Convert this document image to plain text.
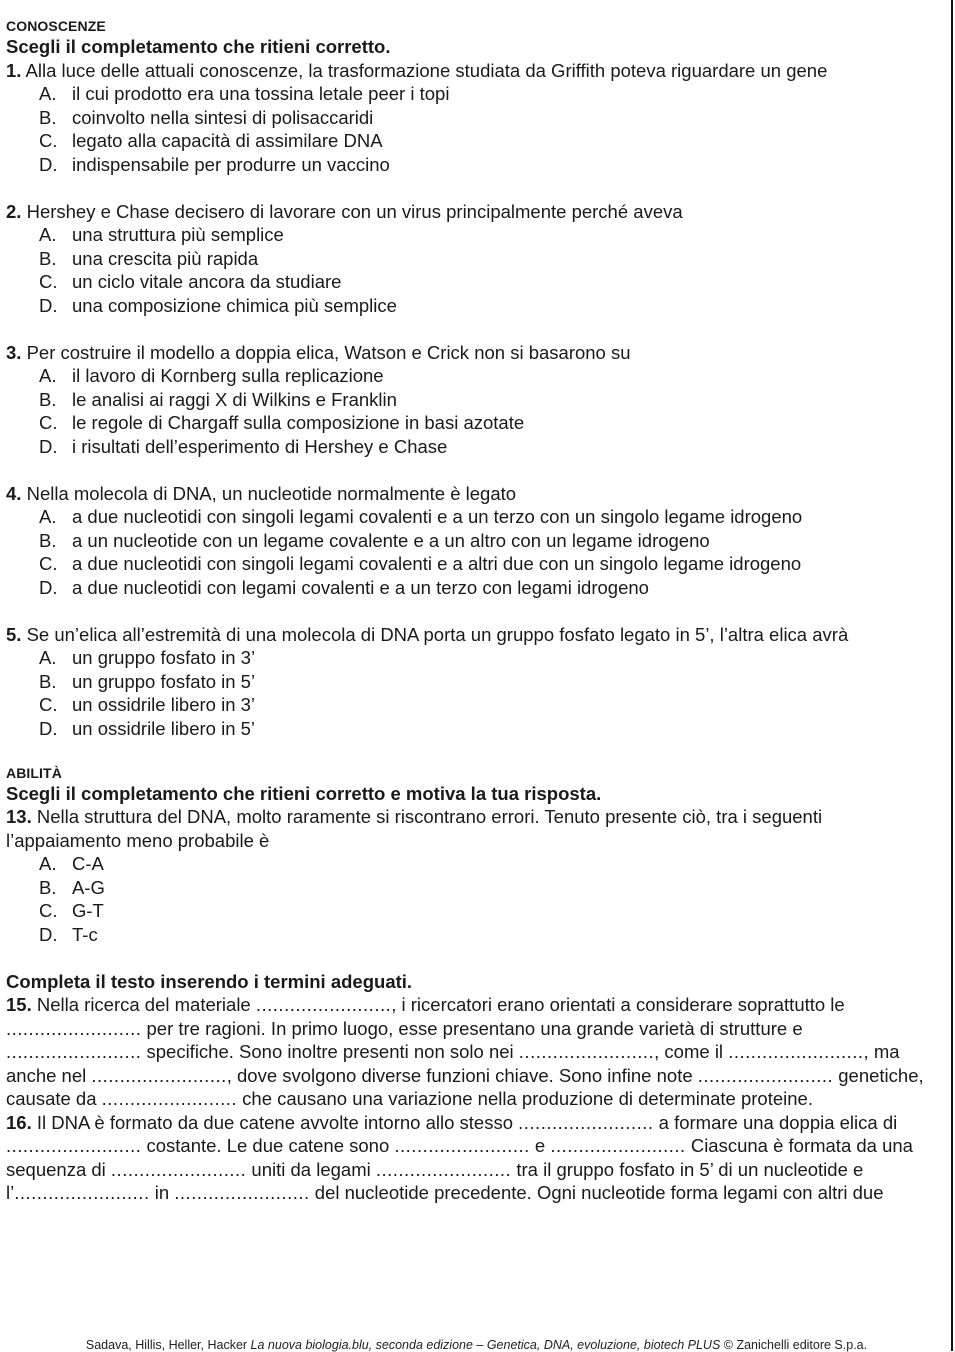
CONOSCENZE

Scegli il completamento che ritieni corretto.

1. Alla luce delle attuali conoscenze, la trasformazione studiata da Griffith poteva riguardare un gene

A. il cui prodotto era una tossina letale peer i topi
B. coinvolto nella sintesi di polisaccaridi
C. legato alla capacità di assimilare DNA
D. indispensabile per produrre un vaccino

2. Hershey e Chase decisero di lavorare con un virus principalmente perché aveva

A. una struttura più semplice
B. una crescita più rapida
C. un ciclo vitale ancora da studiare
D. una composizione chimica più semplice

3. Per costruire il modello a doppia elica, Watson e Crick non si basarono su

A. il lavoro di Kornberg sulla replicazione
B. le analisi ai raggi X di Wilkins e Franklin
C. le regole di Chargaff sulla composizione in basi azotate
D. i risultati dell’esperimento di Hershey e Chase

4. Nella molecola di DNA, un nucleotide normalmente è legato

A. a due nucleotidi con singoli legami covalenti e a un terzo con un singolo legame idrogeno
B. a un nucleotide con un legame covalente e a un altro con un legame idrogeno
C. a due nucleotidi con singoli legami covalenti e a altri due con un singolo legame idrogeno
D. a due nucleotidi con legami covalenti e a un terzo con legami idrogeno

5. Se un’elica all’estremità di una molecola di DNA porta un gruppo fosfato legato in 5’, l’altra elica avrà

A. un gruppo fosfato in 3’
B. un gruppo fosfato in 5’
C. un ossidrile libero in 3’
D. un ossidrile libero in 5’

ABILITÀ

Scegli il completamento che ritieni corretto e motiva la tua risposta.

13. Nella struttura del DNA, molto raramente si riscontrano errori. Tenuto presente ciò, tra i seguenti l’appaiamento meno probabile è

A. C-A
B. A-G
C. G-T
D. T-c

Completa il testo inserendo i termini adeguati.

15. Nella ricerca del materiale ........................, i ricercatori erano orientati a considerare soprattutto le ........................ per tre ragioni. In primo luogo, esse presentano una grande varietà di strutture e ........................ specifiche. Sono inoltre presenti non solo nei ........................, come il ........................, ma anche nel ........................, dove svolgono diverse funzioni chiave. Sono infine note ........................ genetiche, causate da ........................ che causano una variazione nella produzione di determinate proteine.

16. Il DNA è formato da due catene avvolte intorno allo stesso ........................ a formare una doppia elica di ........................ costante. Le due catene sono ........................ e ........................ Ciascuna è formata da una sequenza di ........................ uniti da legami ........................ tra il gruppo fosfato in 5’ di un nucleotide e l’........................ in ........................ del nucleotide precedente. Ogni nucleotide forma legami con altri due

Sadava, Hillis, Heller, Hacker La nuova biologia.blu, seconda edizione – Genetica, DNA, evoluzione, biotech PLUS © Zanichelli editore S.p.a.
